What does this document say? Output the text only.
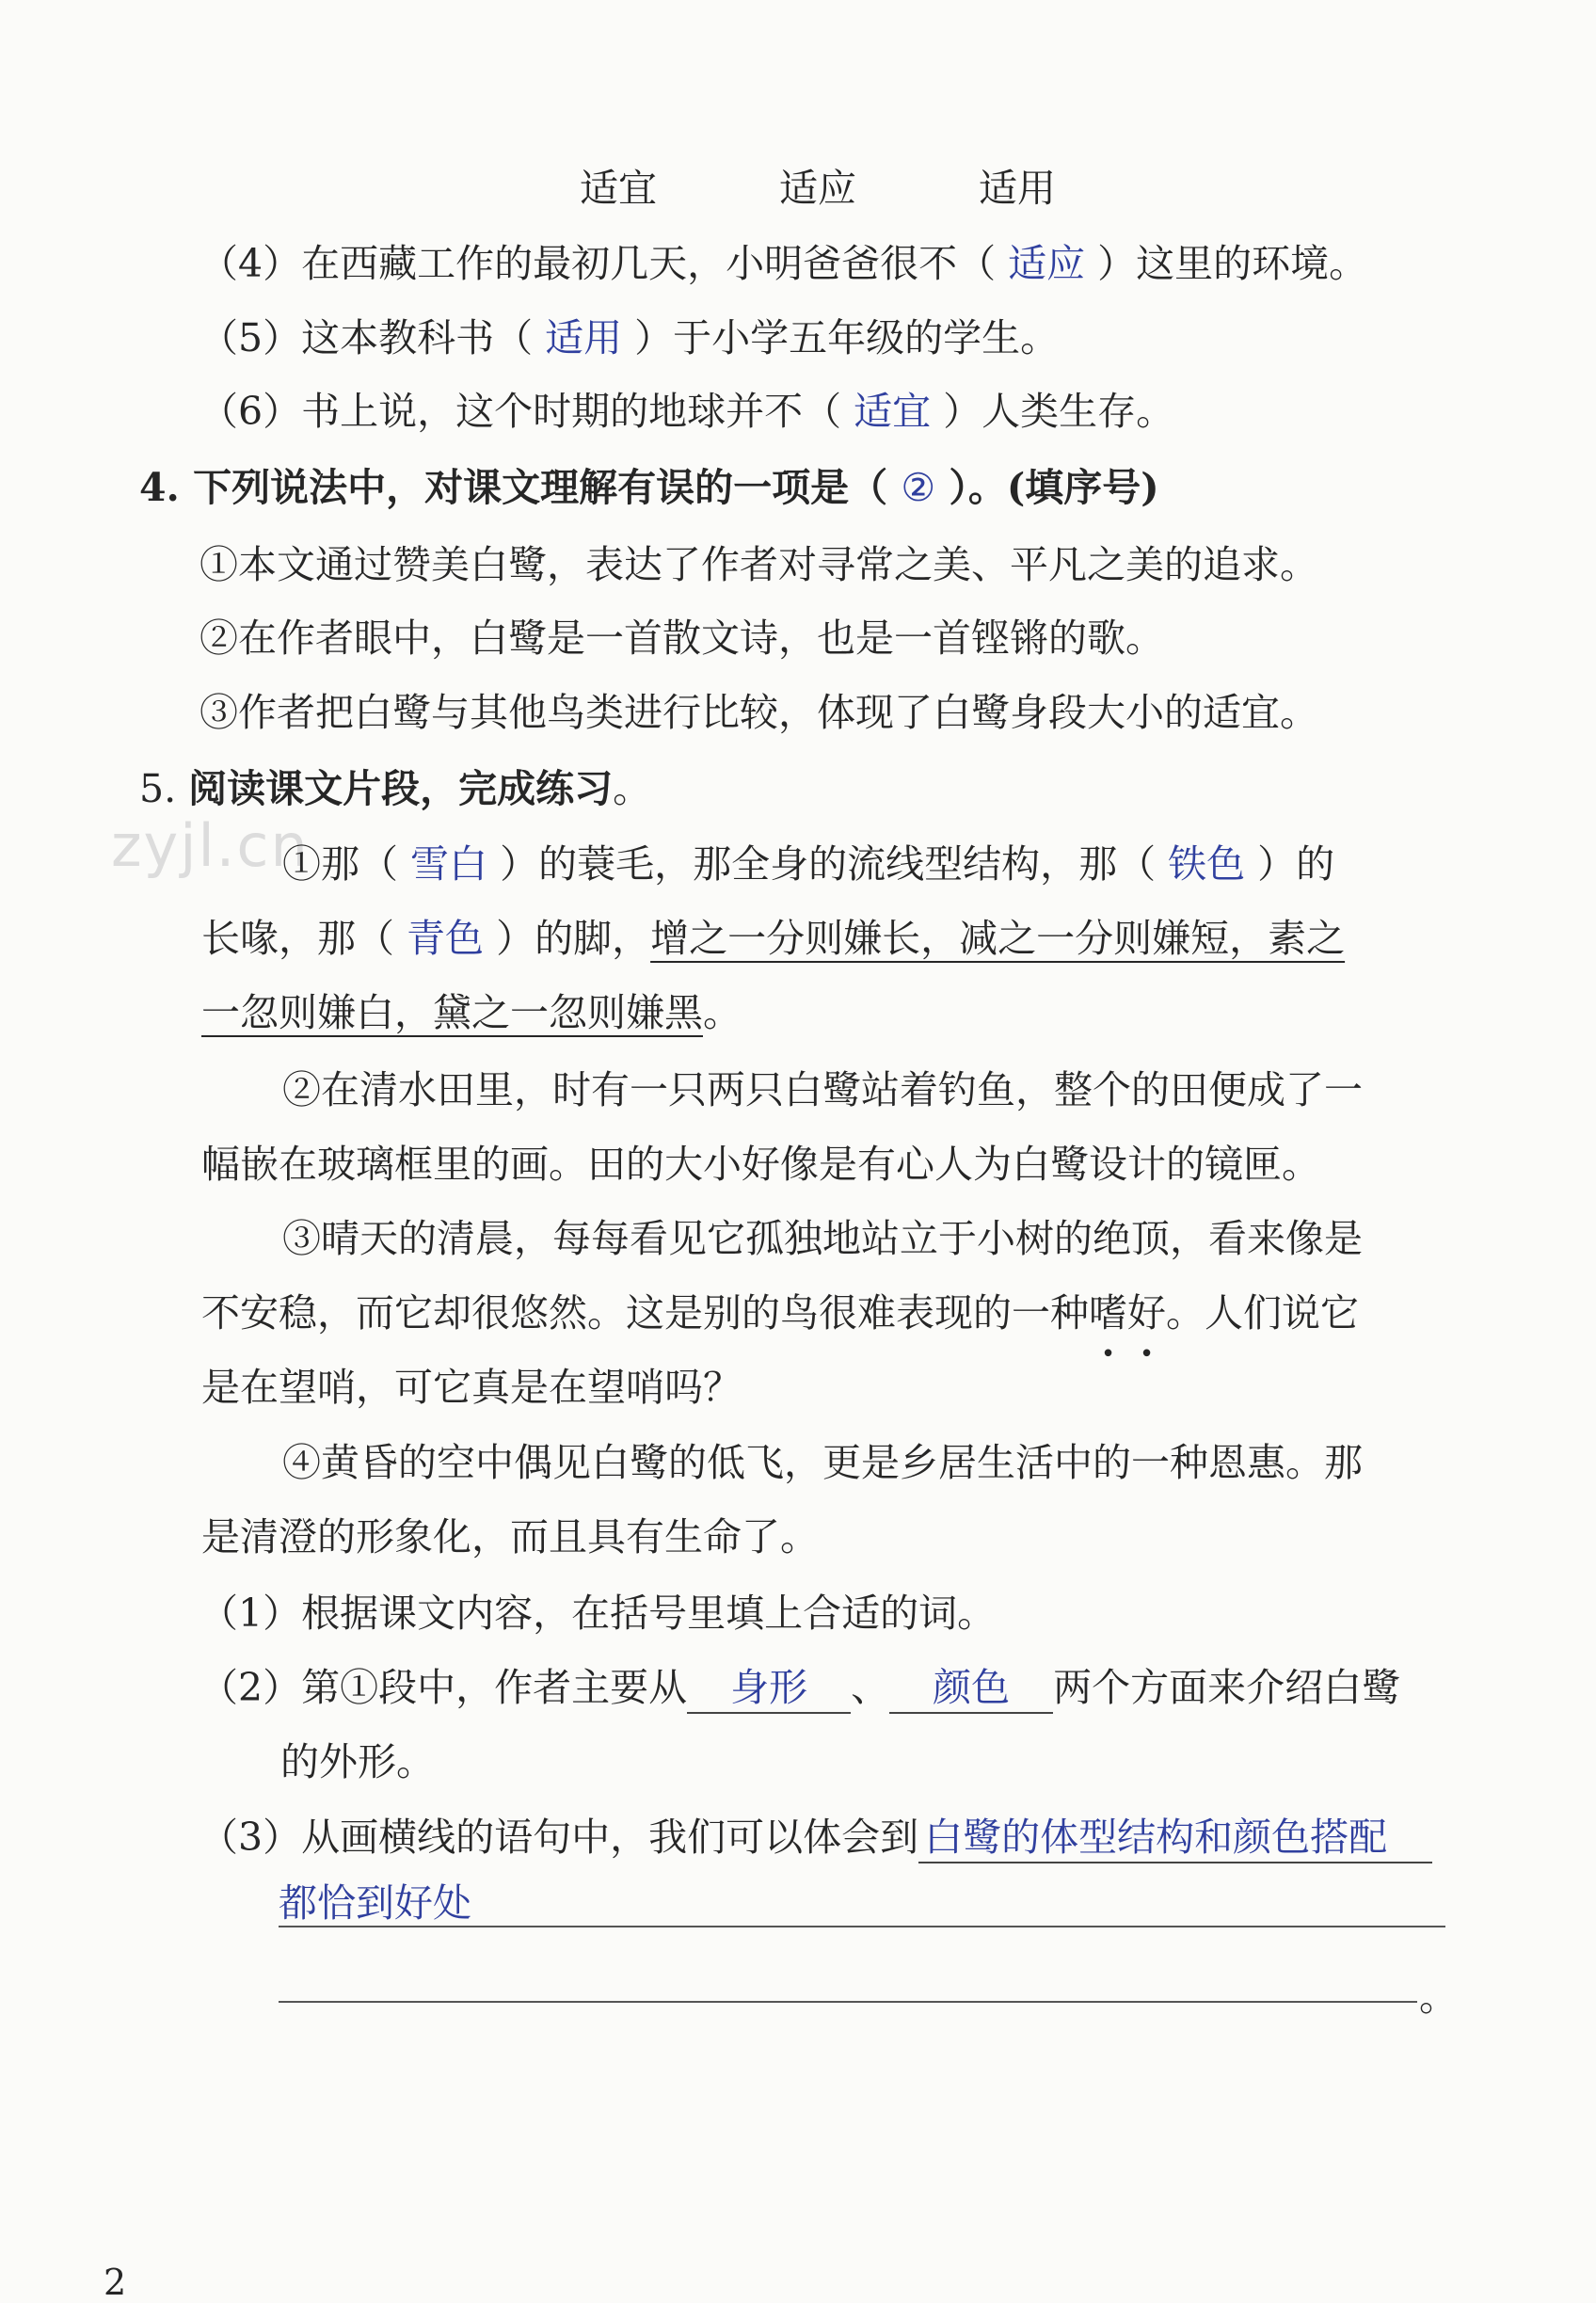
适宜	适应	适用
（4）在西藏工作的最初几天，小明爸爸很不（ 适应 ）这里的环境。
（5）这本教科书（ 适用 ）于小学五年级的学生。
（6）书上说，这个时期的地球并不（ 适宜 ）人类生存。
4. 下列说法中，对课文理解有误的一项是（ ② ）。(填序号)
①本文通过赞美白鹭，表达了作者对寻常之美、平凡之美的追求。
②在作者眼中，白鹭是一首散文诗，也是一首铿锵的歌。
③作者把白鹭与其他鸟类进行比较，体现了白鹭身段大小的适宜。
5. 阅读课文片段，完成练习。
zyjl.cn
①那（ 雪白 ）的蓑毛，那全身的流线型结构，那（ 铁色 ）的
长喙，那（ 青色 ）的脚，增之一分则嫌长，减之一分则嫌短，素之
一忽则嫌白，黛之一忽则嫌黑。
②在清水田里，时有一只两只白鹭站着钓鱼，整个的田便成了一
幅嵌在玻璃框里的画。田的大小好像是有心人为白鹭设计的镜匣。
③晴天的清晨，每每看见它孤独地站立于小树的绝顶，看来像是
不安稳，而它却很悠然。这是别的鸟很难表现的一种嗜好。人们说它
是在望哨，可它真是在望哨吗？
④黄昏的空中偶见白鹭的低飞，更是乡居生活中的一种恩惠。那
是清澄的形象化，而且具有生命了。
（1）根据课文内容，在括号里填上合适的词。
（2）第①段中，作者主要从 身形 、 颜色 两个方面来介绍白鹭
的外形。
（3）从画横线的语句中，我们可以体会到 白鹭的体型结构和颜色搭配
都恰到好处
。
2
